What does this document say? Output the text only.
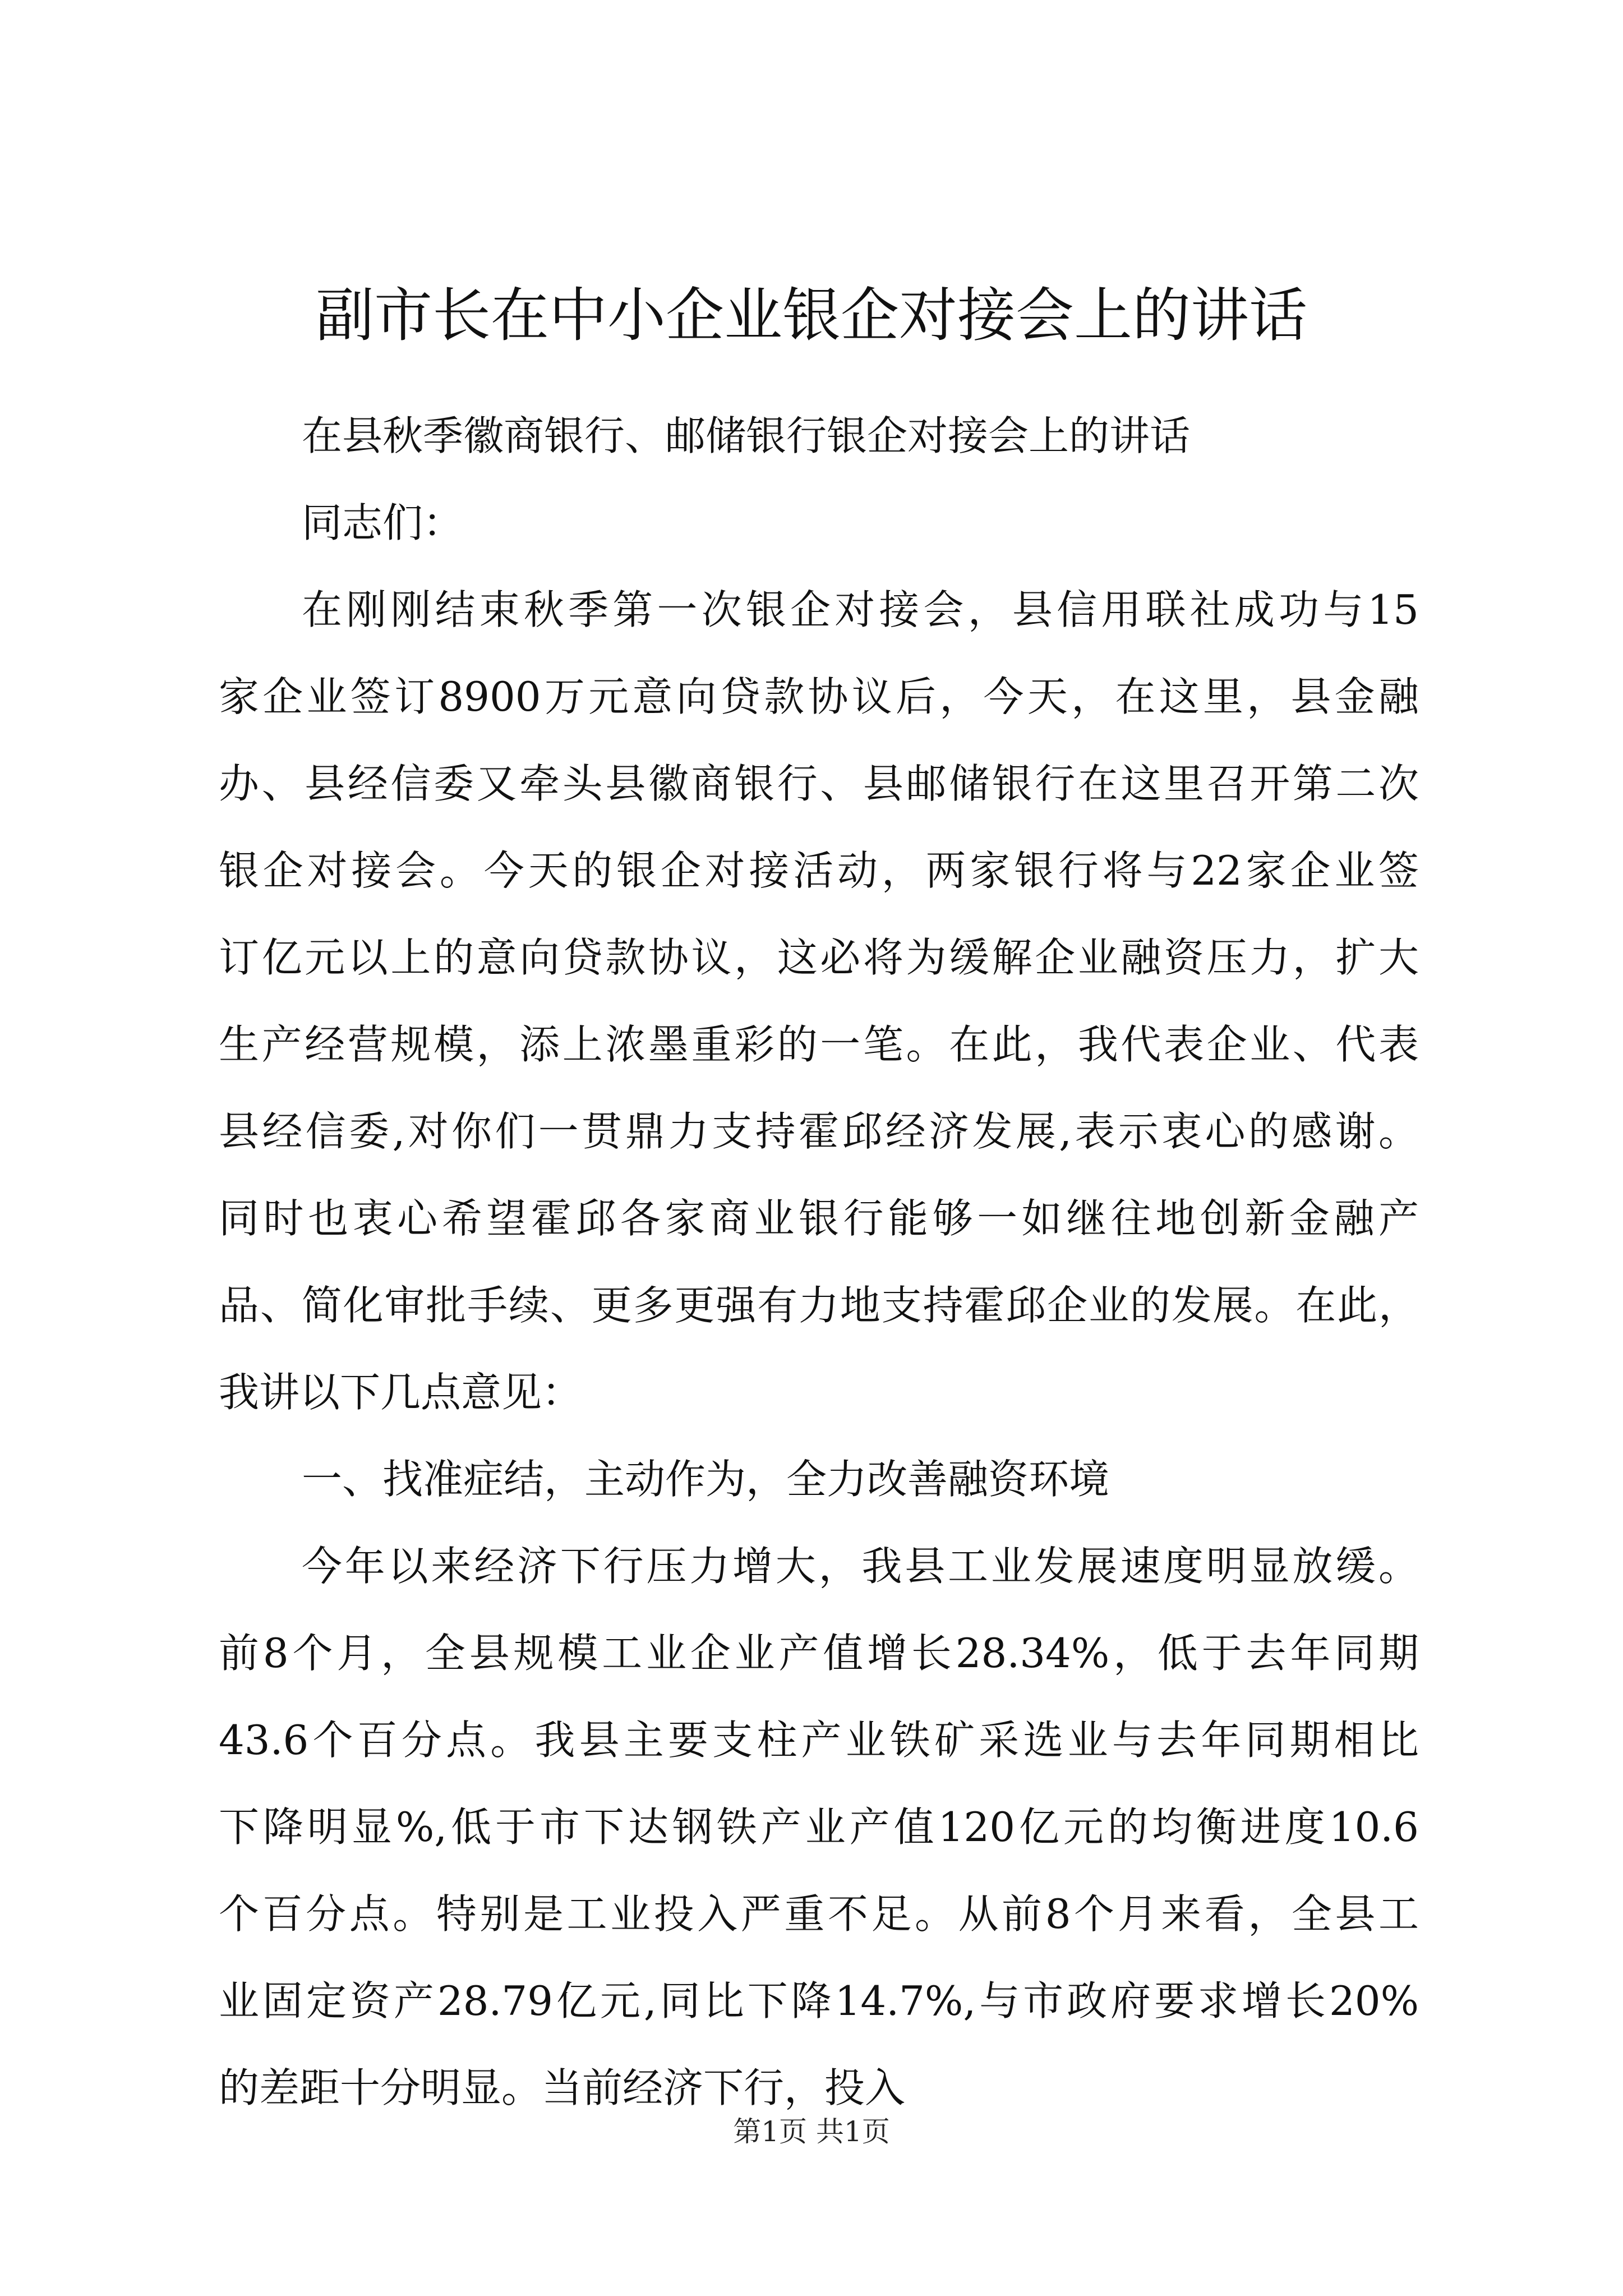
副市长在中小企业银企对接会上的讲话
在县秋季徽商银行、邮储银行银企对接会上的讲话
同志们：
在刚刚结束秋季第一次银企对接会，县信用联社成功与15
家企业签订8900万元意向贷款协议后，今天，在这里，县金融
办、县经信委又牵头县徽商银行、县邮储银行在这里召开第二次
银企对接会。今天的银企对接活动，两家银行将与22家企业签
订亿元以上的意向贷款协议，这必将为缓解企业融资压力，扩大
生产经营规模，添上浓墨重彩的一笔。在此，我代表企业、代表
县经信委,对你们一贯鼎力支持霍邱经济发展,表示衷心的感谢。
同时也衷心希望霍邱各家商业银行能够一如继往地创新金融产
品、简化审批手续、更多更强有力地支持霍邱企业的发展。在此，
我讲以下几点意见：
一、找准症结，主动作为，全力改善融资环境
今年以来经济下行压力增大，我县工业发展速度明显放缓。
前8个月，全县规模工业企业产值增长28.34%，低于去年同期
43.6个百分点。我县主要支柱产业铁矿采选业与去年同期相比
下降明显%,低于市下达钢铁产业产值120亿元的均衡进度10.6
个百分点。特别是工业投入严重不足。从前8个月来看，全县工
业固定资产28.79亿元,同比下降14.7%,与市政府要求增长20%
的差距十分明显。当前经济下行，投入
第1页 共1页
